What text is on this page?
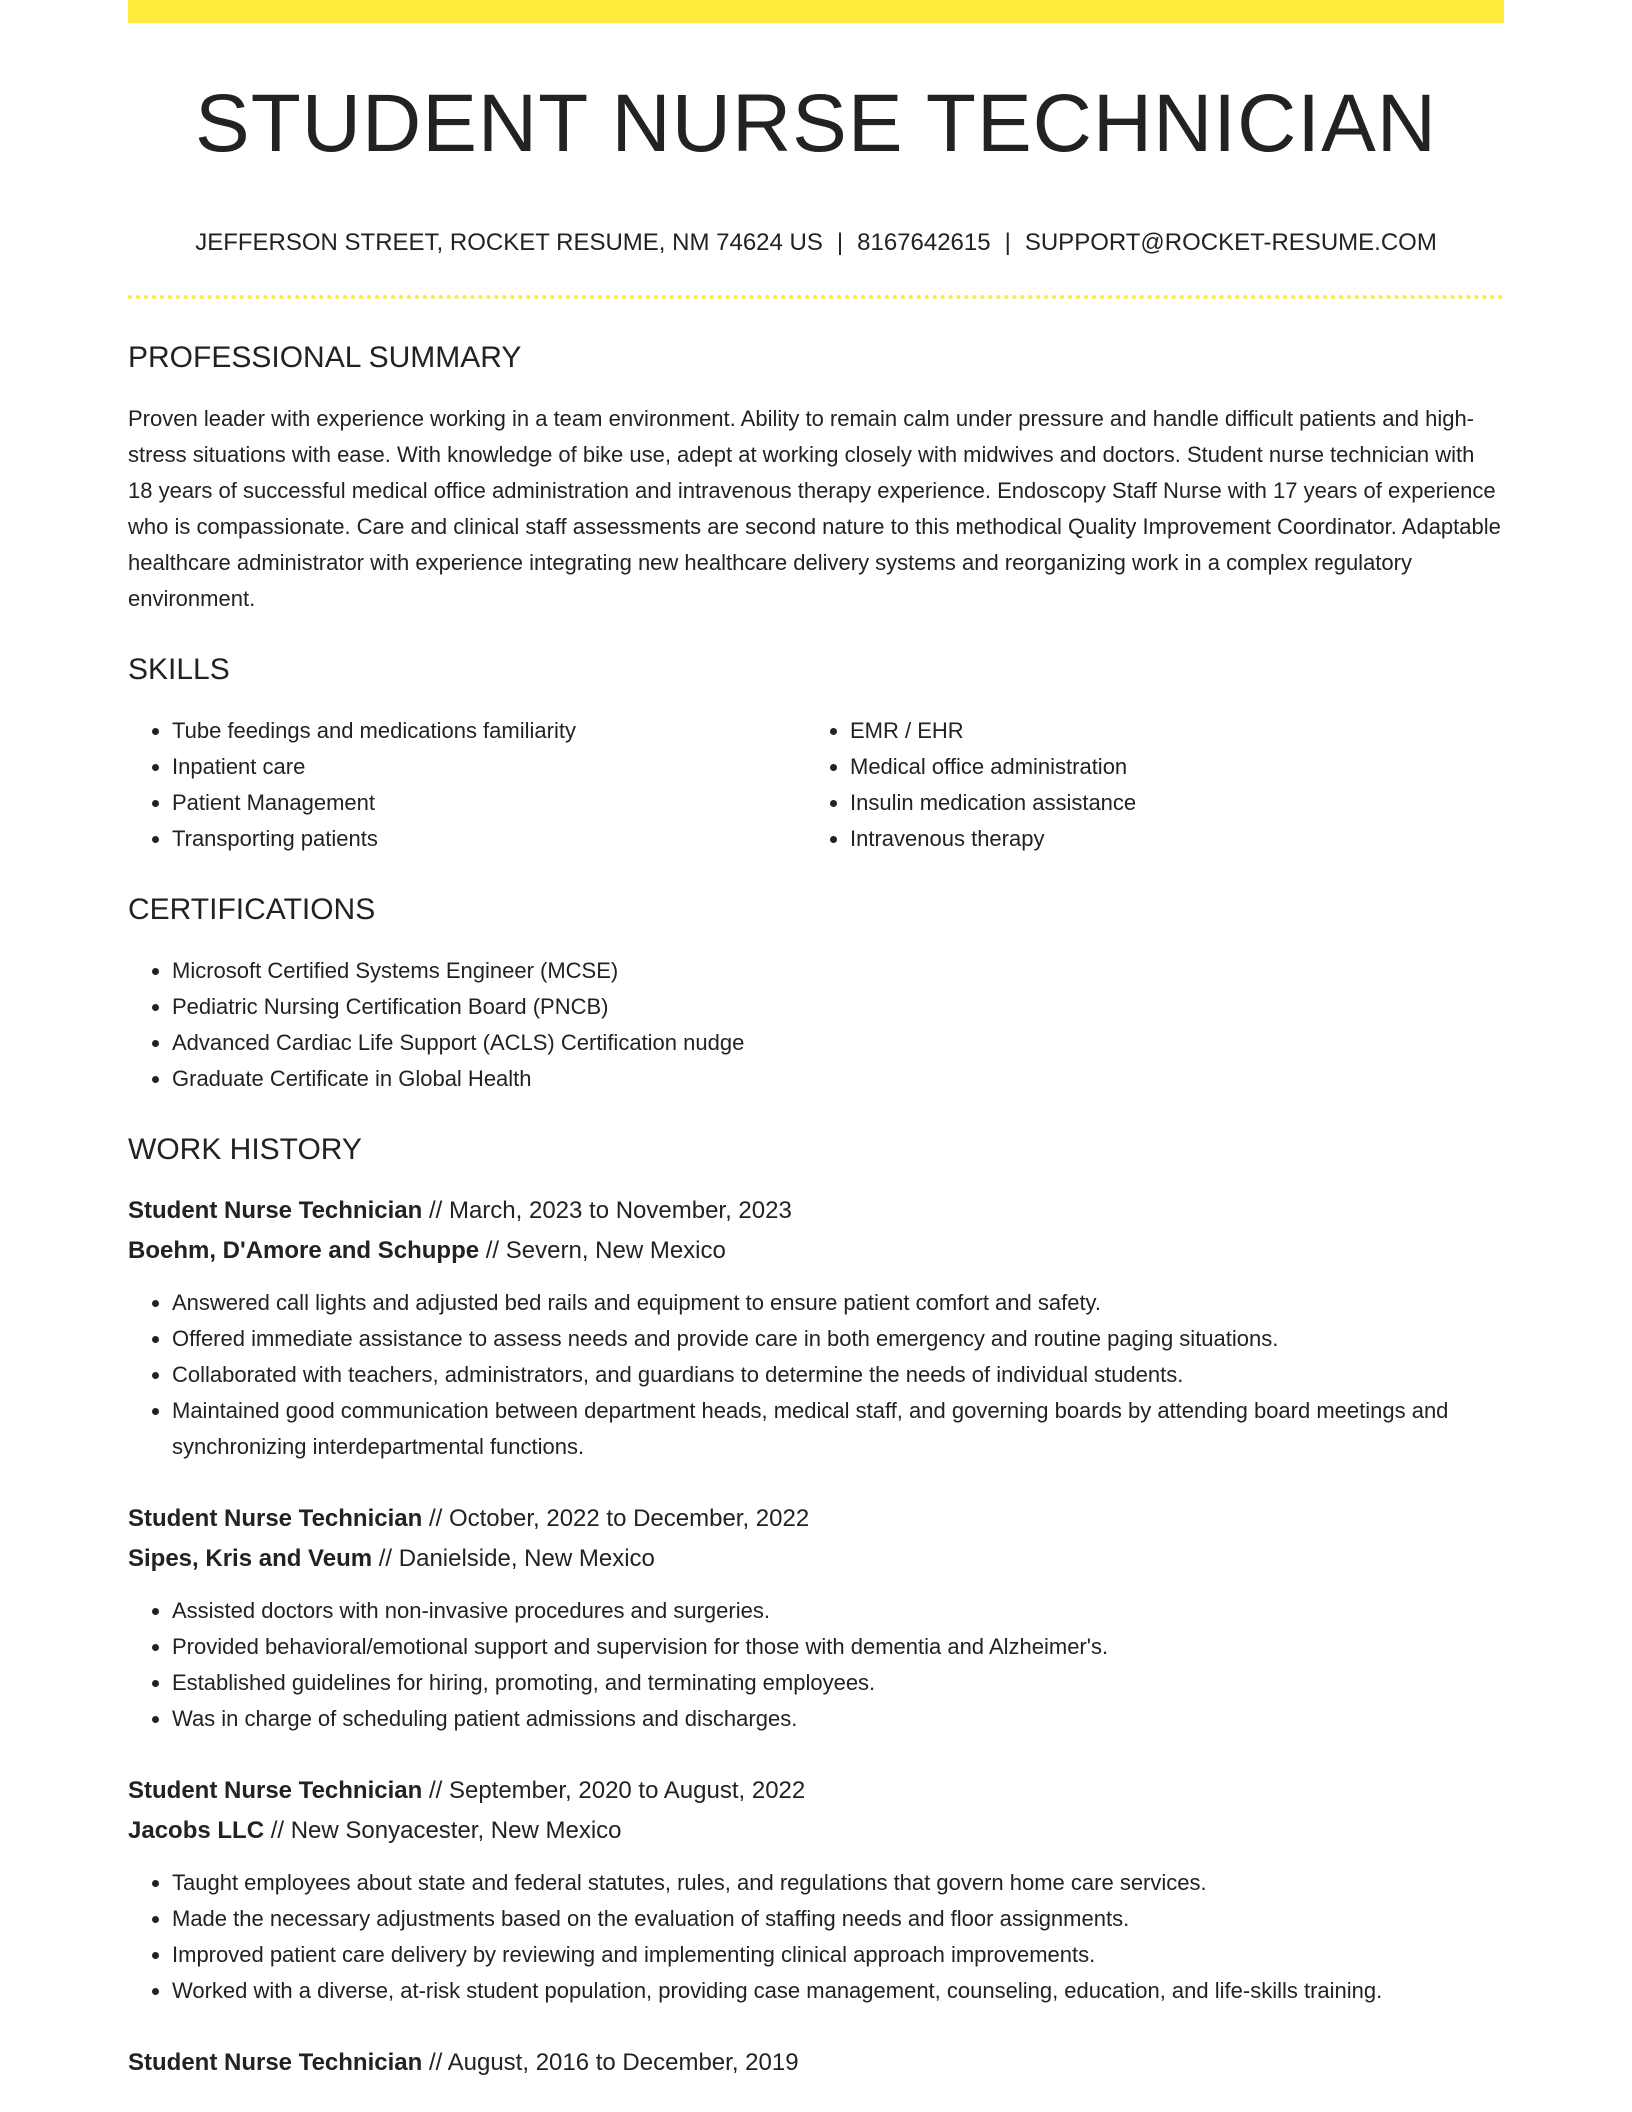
STUDENT NURSE TECHNICIAN
JEFFERSON STREET, ROCKET RESUME, NM 74624 US | 8167642615 | SUPPORT@ROCKET-RESUME.COM
PROFESSIONAL SUMMARY

Proven leader with experience working in a team environment. Ability to remain calm under pressure and handle difficult patients and high-stress situations with ease. With knowledge of bike use, adept at working closely with midwives and doctors. Student nurse technician with 18 years of successful medical office administration and intravenous therapy experience. Endoscopy Staff Nurse with 17 years of experience who is compassionate. Care and clinical staff assessments are second nature to this methodical Quality Improvement Coordinator. Adaptable healthcare administrator with experience integrating new healthcare delivery systems and reorganizing work in a complex regulatory environment.

SKILLS
• Tube feedings and medications familiarity
• Inpatient care
• Patient Management
• Transporting patients
• EMR / EHR
• Medical office administration
• Insulin medication assistance
• Intravenous therapy
CERTIFICATIONS
• Microsoft Certified Systems Engineer (MCSE)
• Pediatric Nursing Certification Board (PNCB)
• Advanced Cardiac Life Support (ACLS) Certification nudge
• Graduate Certificate in Global Health
WORK HISTORY
Student Nurse Technician // March, 2023 to November, 2023
Boehm, D'Amore and Schuppe // Severn, New Mexico
• Answered call lights and adjusted bed rails and equipment to ensure patient comfort and safety.
• Offered immediate assistance to assess needs and provide care in both emergency and routine paging situations.
• Collaborated with teachers, administrators, and guardians to determine the needs of individual students.
• Maintained good communication between department heads, medical staff, and governing boards by attending board meetings and synchronizing interdepartmental functions.
Student Nurse Technician // October, 2022 to December, 2022
Sipes, Kris and Veum // Danielside, New Mexico
• Assisted doctors with non-invasive procedures and surgeries.
• Provided behavioral/emotional support and supervision for those with dementia and Alzheimer's.
• Established guidelines for hiring, promoting, and terminating employees.
• Was in charge of scheduling patient admissions and discharges.
Student Nurse Technician // September, 2020 to August, 2022
Jacobs LLC // New Sonyacester, New Mexico
• Taught employees about state and federal statutes, rules, and regulations that govern home care services.
• Made the necessary adjustments based on the evaluation of staffing needs and floor assignments.
• Improved patient care delivery by reviewing and implementing clinical approach improvements.
• Worked with a diverse, at-risk student population, providing case management, counseling, education, and life-skills training.
Student Nurse Technician // August, 2016 to December, 2019
